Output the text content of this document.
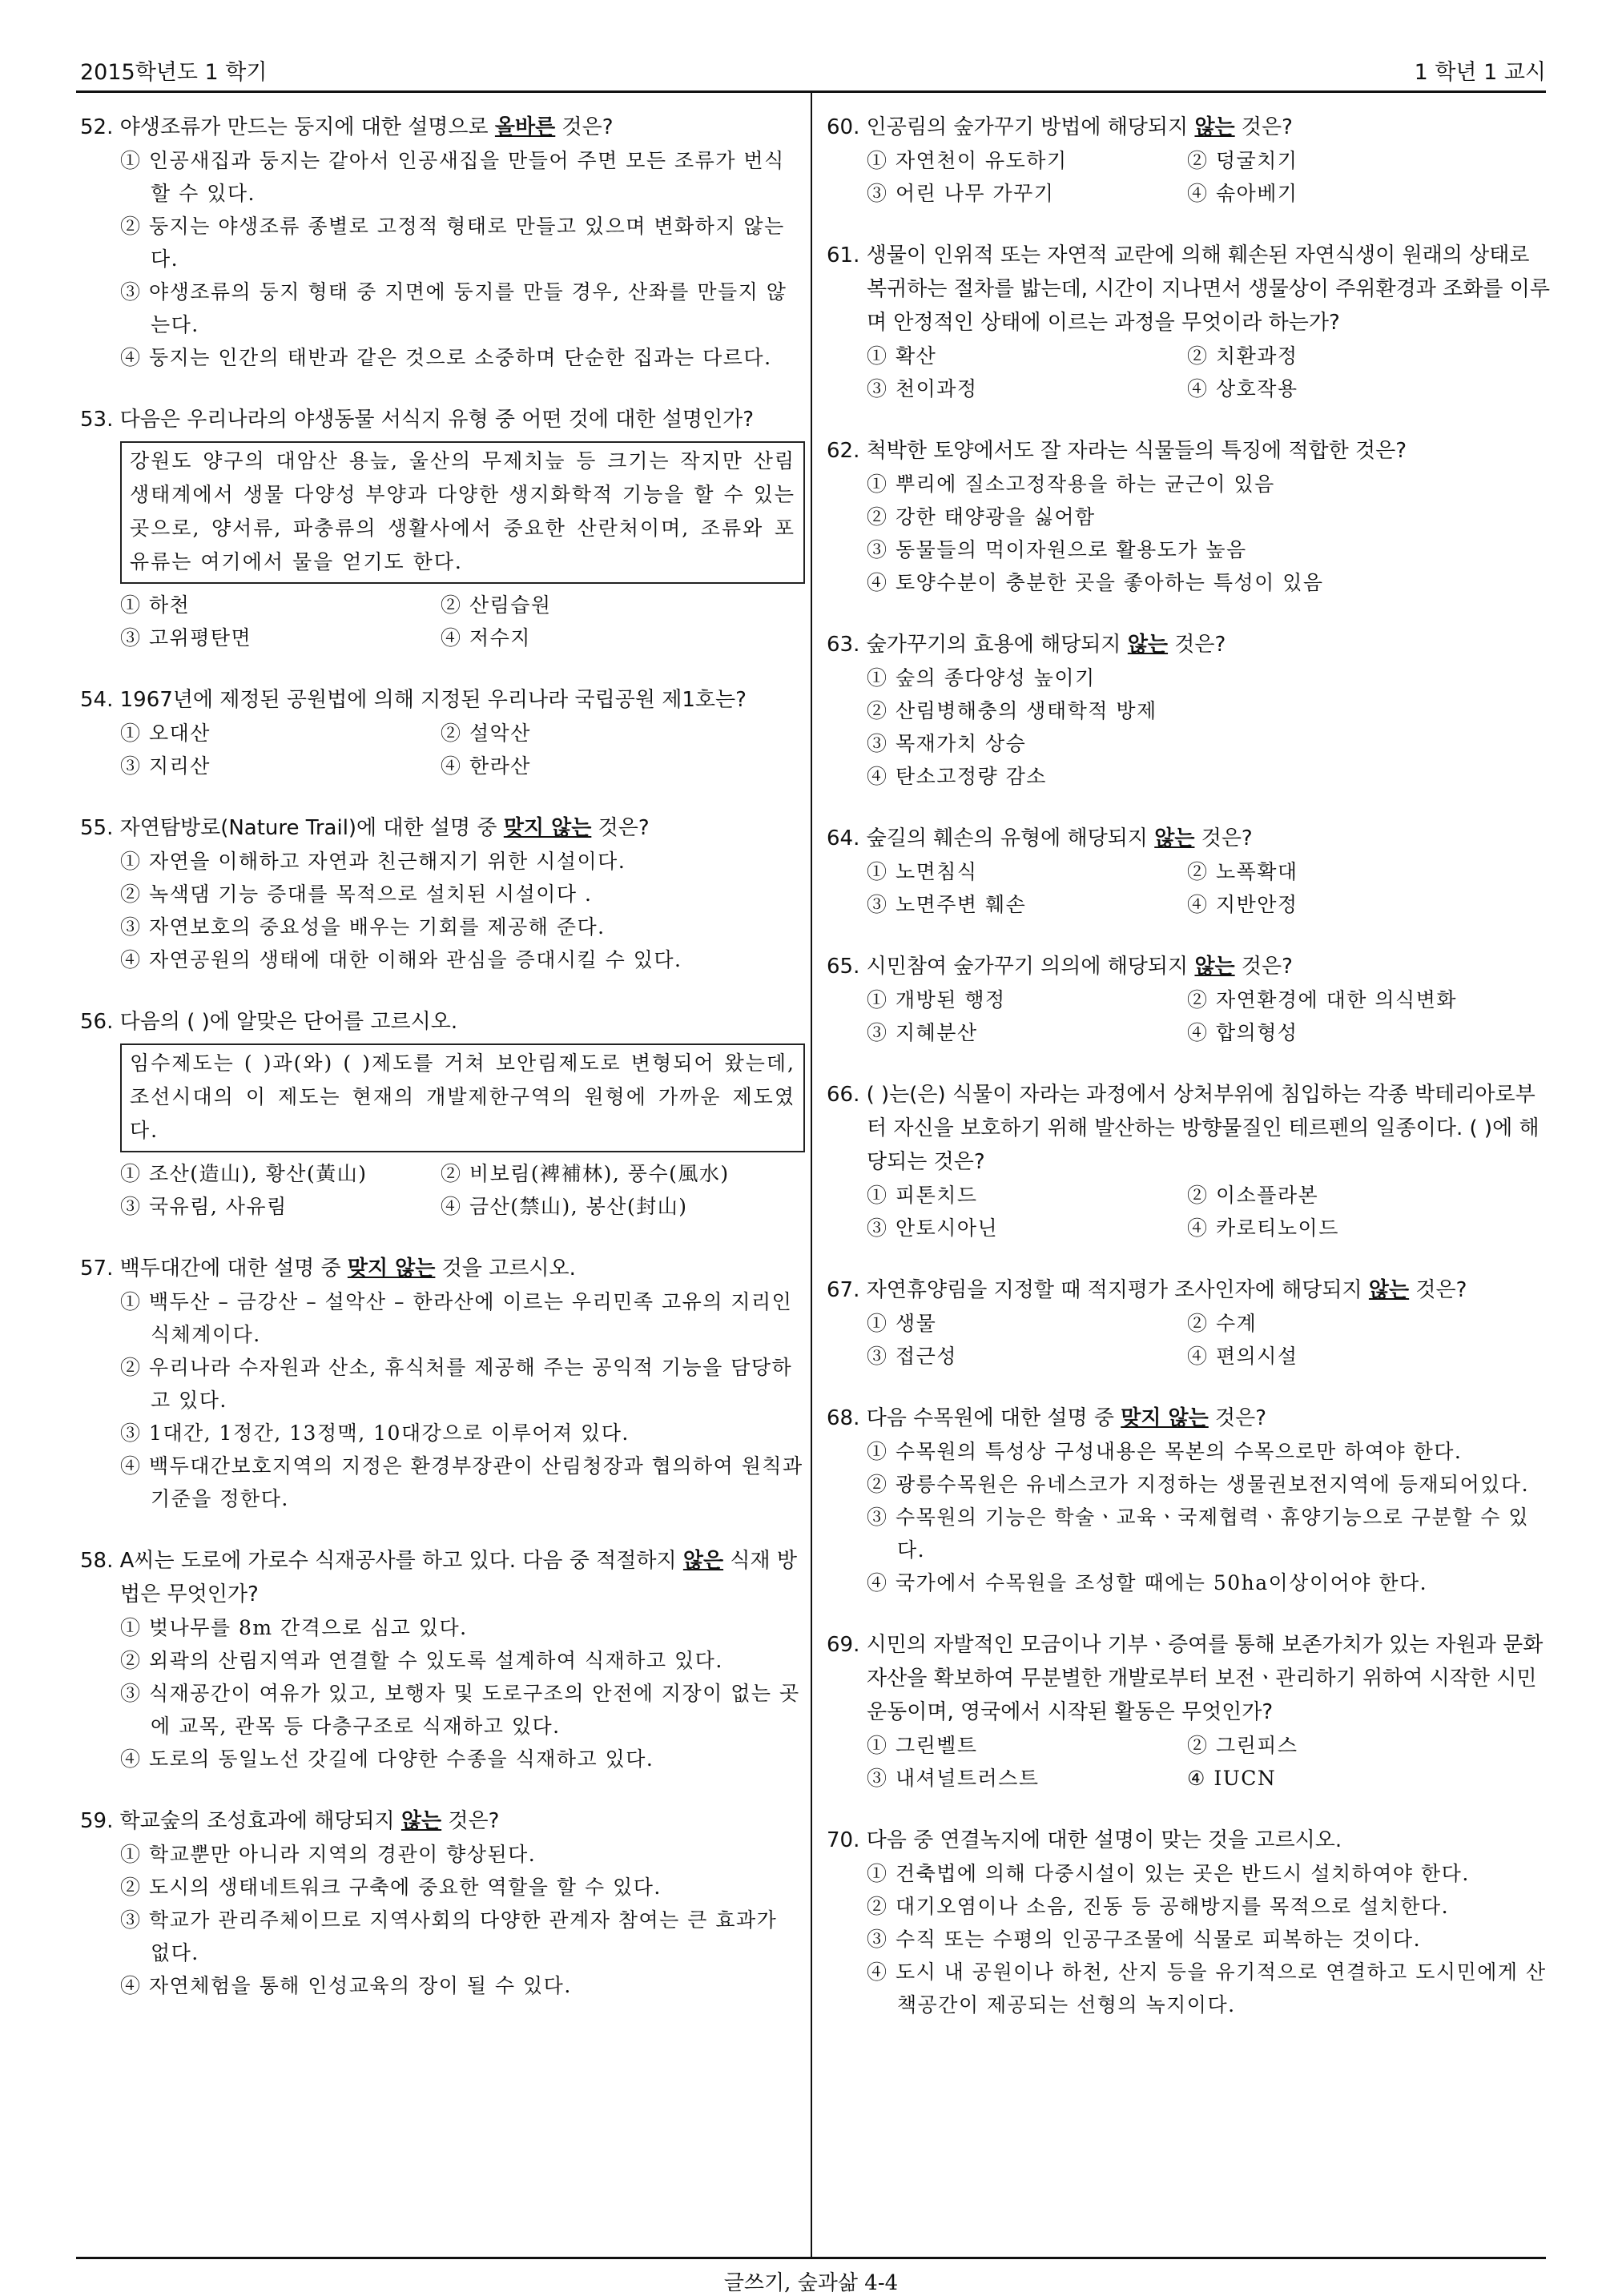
2015학년도 1 학기	1 학년 1 교시
52. 야생조류가 만드는 둥지에 대한 설명으로 올바른 것은?
① 인공새집과 둥지는 같아서 인공새집을 만들어 주면 모든 조류가 번식할 수 있다.
② 둥지는 야생조류 종별로 고정적 형태로 만들고 있으며 변화하지 않는다.
③ 야생조류의 둥지 형태 중 지면에 둥지를 만들 경우, 산좌를 만들지 않는다.
④ 둥지는 인간의 태반과 같은 것으로 소중하며 단순한 집과는 다르다.
53. 다음은 우리나라의 야생동물 서식지 유형 중 어떤 것에 대한 설명인가?
강원도 양구의 대암산 용늪, 울산의 무제치늪 등 크기는 작지만 산림생태계에서 생물 다양성 부양과 다양한 생지화학적 기능을 할 수 있는 곳으로, 양서류, 파충류의 생활사에서 중요한 산란처이며, 조류와 포유류는 여기에서 물을 얻기도 한다.
① 하천	② 산림습원
③ 고위평탄면	④ 저수지
54. 1967년에 제정된 공원법에 의해 지정된 우리나라 국립공원 제1호는?
① 오대산	② 설악산
③ 지리산	④ 한라산
55. 자연탐방로(Nature Trail)에 대한 설명 중 맞지 않는 것은?
① 자연을 이해하고 자연과 친근해지기 위한 시설이다.
② 녹색댐 기능 증대를 목적으로 설치된 시설이다 .
③ 자연보호의 중요성을 배우는 기회를 제공해 준다.
④ 자연공원의 생태에 대한 이해와 관심을 증대시킬 수 있다.
56. 다음의 ( )에 알맞은 단어를 고르시오.
임수제도는 ( )과(와) ( )제도를 거쳐 보안림제도로 변형되어 왔는데, 조선시대의 이 제도는 현재의 개발제한구역의 원형에 가까운 제도였다.
① 조산(造山), 황산(黃山)	② 비보림(裨補林), 풍수(風水)
③ 국유림, 사유림	④ 금산(禁山), 봉산(封山)
57. 백두대간에 대한 설명 중 맞지 않는 것을 고르시오.
① 백두산 – 금강산 – 설악산 – 한라산에 이르는 우리민족 고유의 지리인식체계이다.
② 우리나라 수자원과 산소, 휴식처를 제공해 주는 공익적 기능을 담당하고 있다.
③ 1대간, 1정간, 13정맥, 10대강으로 이루어져 있다.
④ 백두대간보호지역의 지정은 환경부장관이 산림청장과 협의하여 원칙과 기준을 정한다.
58. A씨는 도로에 가로수 식재공사를 하고 있다. 다음 중 적절하지 않은 식재 방법은 무엇인가?
① 벚나무를 8m 간격으로 심고 있다.
② 외곽의 산림지역과 연결할 수 있도록 설계하여 식재하고 있다.
③ 식재공간이 여유가 있고, 보행자 및 도로구조의 안전에 지장이 없는 곳에 교목, 관목 등 다층구조로 식재하고 있다.
④ 도로의 동일노선 갓길에 다양한 수종을 식재하고 있다.
59. 학교숲의 조성효과에 해당되지 않는 것은?
① 학교뿐만 아니라 지역의 경관이 향상된다.
② 도시의 생태네트워크 구축에 중요한 역할을 할 수 있다.
③ 학교가 관리주체이므로 지역사회의 다양한 관계자 참여는 큰 효과가 없다.
④ 자연체험을 통해 인성교육의 장이 될 수 있다.
60. 인공림의 숲가꾸기 방법에 해당되지 않는 것은?
① 자연천이 유도하기	② 덩굴치기
③ 어린 나무 가꾸기	④ 솎아베기
61. 생물이 인위적 또는 자연적 교란에 의해 훼손된 자연식생이 원래의 상태로 복귀하는 절차를 밟는데, 시간이 지나면서 생물상이 주위환경과 조화를 이루며 안정적인 상태에 이르는 과정을 무엇이라 하는가?
① 확산	② 치환과정
③ 천이과정	④ 상호작용
62. 척박한 토양에서도 잘 자라는 식물들의 특징에 적합한 것은?
① 뿌리에 질소고정작용을 하는 균근이 있음
② 강한 태양광을 싫어함
③ 동물들의 먹이자원으로 활용도가 높음
④ 토양수분이 충분한 곳을 좋아하는 특성이 있음
63. 숲가꾸기의 효용에 해당되지 않는 것은?
① 숲의 종다양성 높이기
② 산림병해충의 생태학적 방제
③ 목재가치 상승
④ 탄소고정량 감소
64. 숲길의 훼손의 유형에 해당되지 않는 것은?
① 노면침식	② 노폭확대
③ 노면주변 훼손	④ 지반안정
65. 시민참여 숲가꾸기 의의에 해당되지 않는 것은?
① 개방된 행정	② 자연환경에 대한 의식변화
③ 지혜분산	④ 합의형성
66. ( )는(은) 식물이 자라는 과정에서 상처부위에 침입하는 각종 박테리아로부터 자신을 보호하기 위해 발산하는 방향물질인 테르펜의 일종이다. ( )에 해당되는 것은?
① 피톤치드	② 이소플라본
③ 안토시아닌	④ 카로티노이드
67. 자연휴양림을 지정할 때 적지평가 조사인자에 해당되지 않는 것은?
① 생물	② 수계
③ 접근성	④ 편의시설
68. 다음 수목원에 대한 설명 중 맞지 않는 것은?
① 수목원의 특성상 구성내용은 목본의 수목으로만 하여야 한다.
② 광릉수목원은 유네스코가 지정하는 생물권보전지역에 등재되어있다.
③ 수목원의 기능은 학술ㆍ교육ㆍ국제협력ㆍ휴양기능으로 구분할 수 있다.
④ 국가에서 수목원을 조성할 때에는 50ha이상이어야 한다.
69. 시민의 자발적인 모금이나 기부ㆍ증여를 통해 보존가치가 있는 자원과 문화자산을 확보하여 무분별한 개발로부터 보전ㆍ관리하기 위하여 시작한 시민운동이며, 영국에서 시작된 활동은 무엇인가?
① 그린벨트	② 그린피스
③ 내셔널트러스트	④ IUCN
70. 다음 중 연결녹지에 대한 설명이 맞는 것을 고르시오.
① 건축법에 의해 다중시설이 있는 곳은 반드시 설치하여야 한다.
② 대기오염이나 소음, 진동 등 공해방지를 목적으로 설치한다.
③ 수직 또는 수평의 인공구조물에 식물로 피복하는 것이다.
④ 도시 내 공원이나 하천, 산지 등을 유기적으로 연결하고 도시민에게 산책공간이 제공되는 선형의 녹지이다.
글쓰기, 숲과삶 4-4
